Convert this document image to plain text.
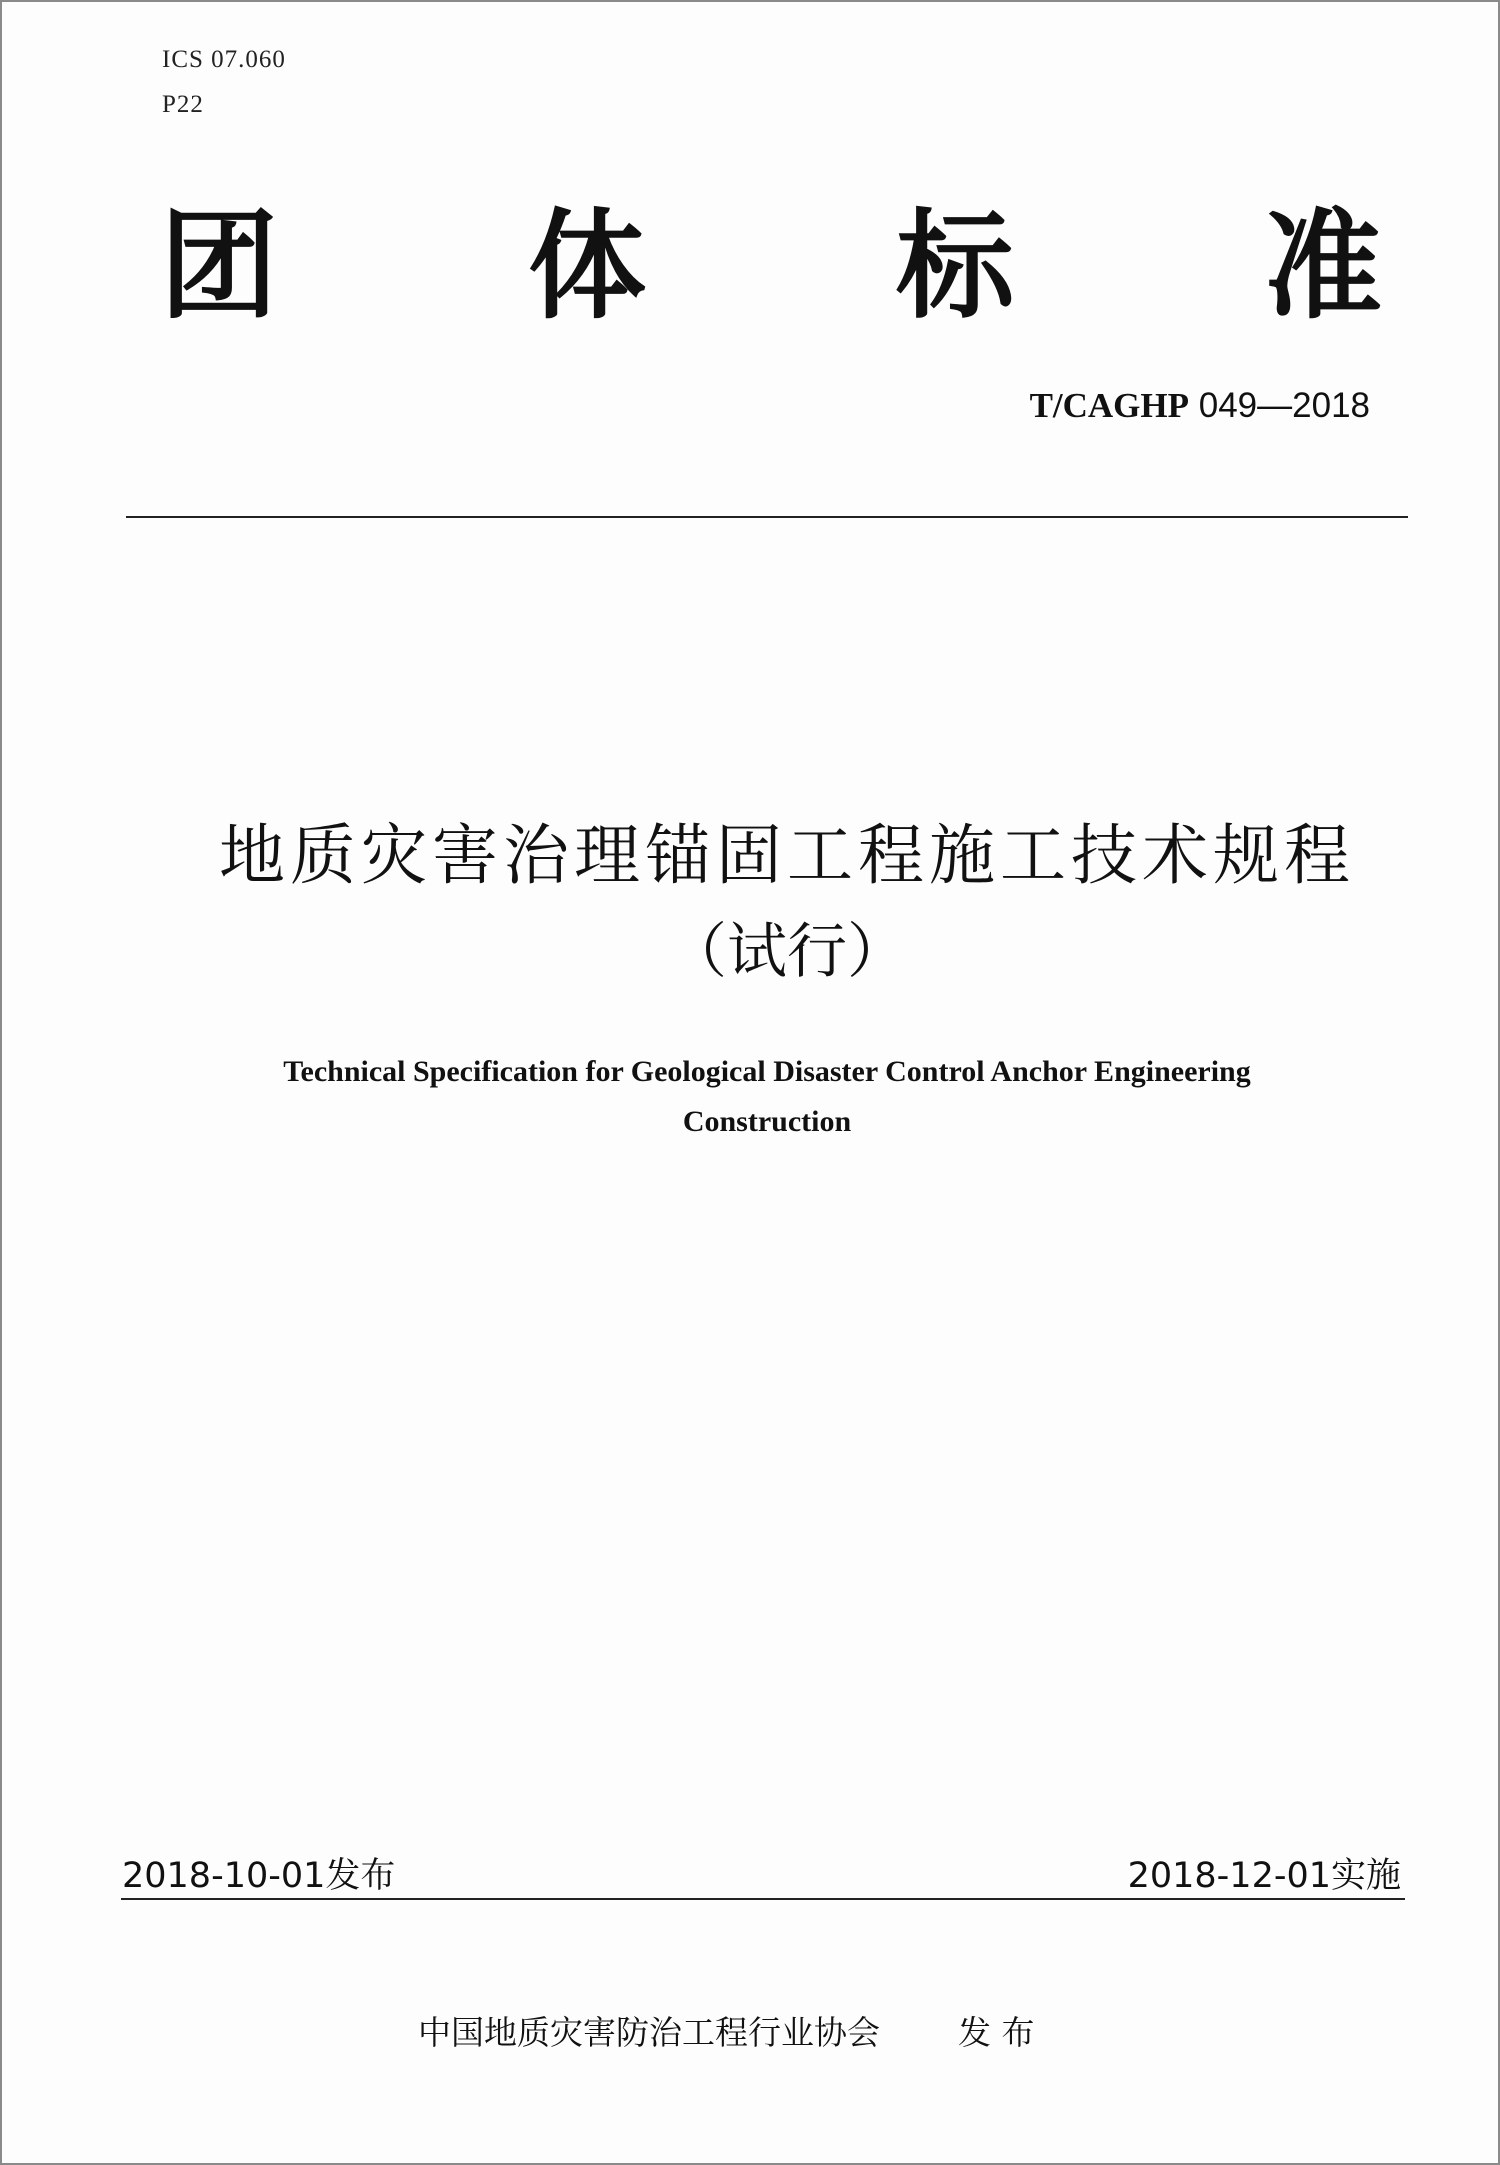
ICS 07.060
P22
团 体 标 准
T/CAGHP 049—2018
地质灾害治理锚固工程施工技术规程
（试行）
Technical Specification for Geological Disaster Control Anchor Engineering
Construction
2018-10-01发布	2018-12-01实施
中国地质灾害防治工程行业协会 发 布
